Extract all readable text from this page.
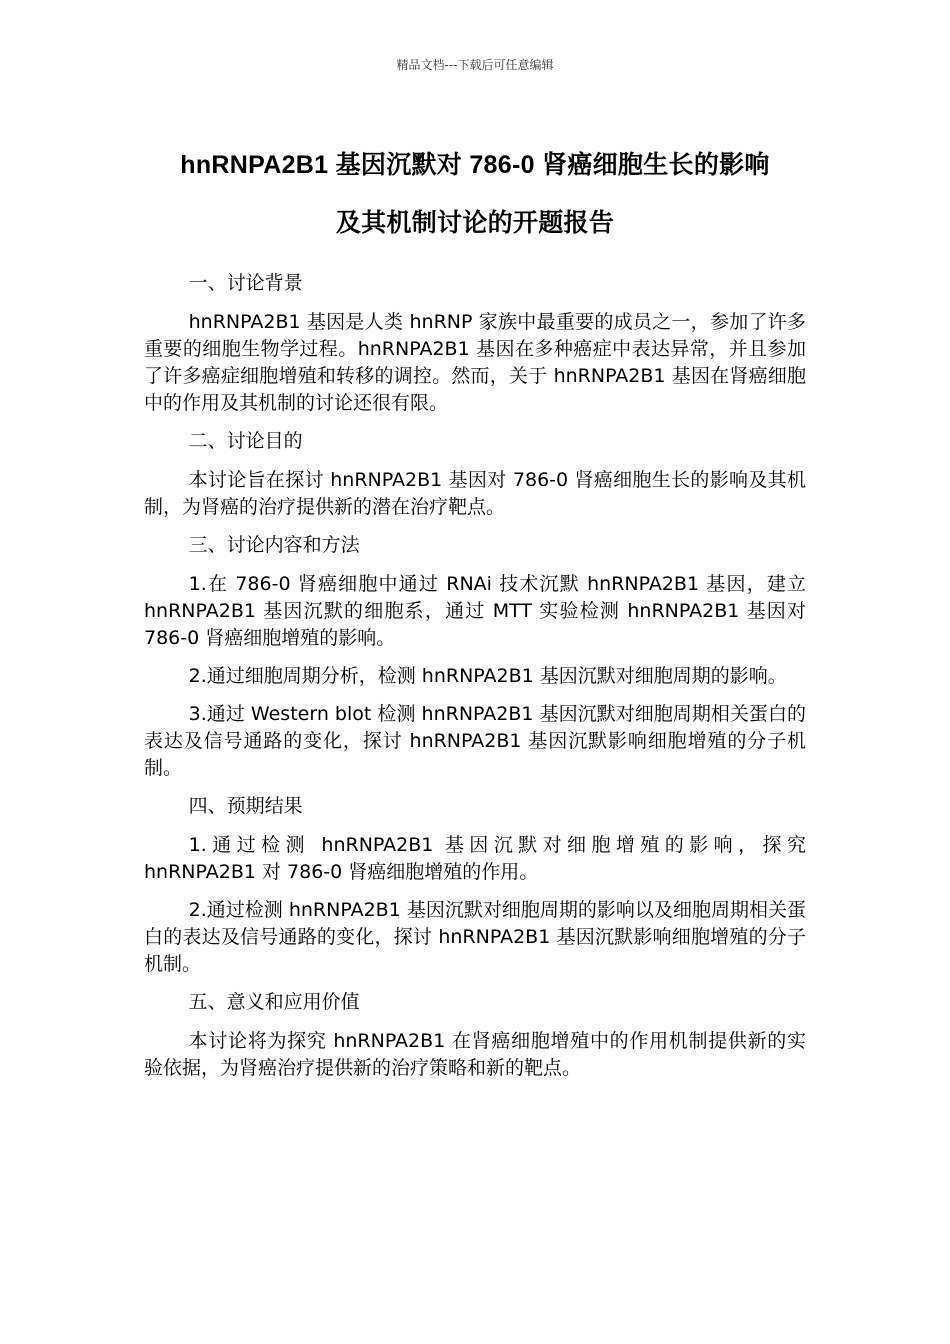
精品文档---下载后可任意编辑
hnRNPA2B1 基因沉默对 786-0 肾癌细胞生长的影响
及其机制讨论的开题报告

一、讨论背景

hnRNPA2B1 基因是人类 hnRNP 家族中最重要的成员之一，参加了许多重要的细胞生物学过程。hnRNPA2B1 基因在多种癌症中表达异常，并且参加了许多癌症细胞增殖和转移的调控。然而，关于 hnRNPA2B1 基因在肾癌细胞中的作用及其机制的讨论还很有限。

二、讨论目的

本讨论旨在探讨 hnRNPA2B1 基因对 786-0 肾癌细胞生长的影响及其机制，为肾癌的治疗提供新的潜在治疗靶点。

三、讨论内容和方法

1.在 786-0 肾癌细胞中通过 RNAi 技术沉默 hnRNPA2B1 基因，建立 hnRNPA2B1 基因沉默的细胞系，通过 MTT 实验检测 hnRNPA2B1 基因对 786-0 肾癌细胞增殖的影响。

2.通过细胞周期分析，检测 hnRNPA2B1 基因沉默对细胞周期的影响。

3.通过 Western blot 检测 hnRNPA2B1 基因沉默对细胞周期相关蛋白的表达及信号通路的变化，探讨 hnRNPA2B1 基因沉默影响细胞增殖的分子机制。

四、预期结果

1.通过检测 hnRNPA2B1 基因沉默对细胞增殖的影响，探究 hnRNPA2B1 对 786-0 肾癌细胞增殖的作用。

2.通过检测 hnRNPA2B1 基因沉默对细胞周期的影响以及细胞周期相关蛋白的表达及信号通路的变化，探讨 hnRNPA2B1 基因沉默影响细胞增殖的分子机制。

五、意义和应用价值

本讨论将为探究 hnRNPA2B1 在肾癌细胞增殖中的作用机制提供新的实验依据，为肾癌治疗提供新的治疗策略和新的靶点。
